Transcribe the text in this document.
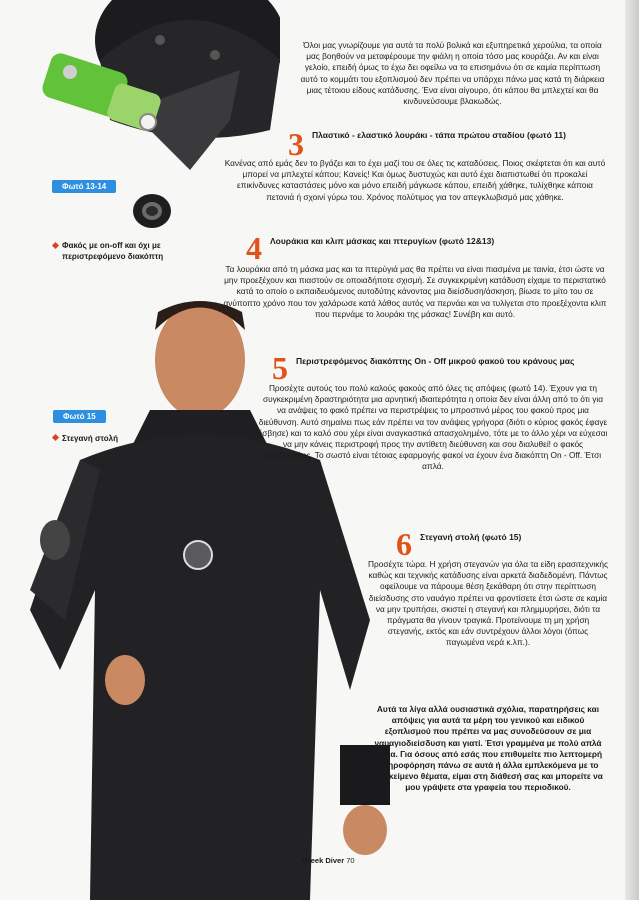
Φωτό 13-14
Φακός με on-off και όχι με περιστρεφόμενο διακόπτη
Φωτό 15
Στεγανή στολή

Όλοι μας γνωρίζουμε για αυτά τα πολύ βολικά και εξυπηρετικά χερούλια, τα οποία μας βοηθούν να μεταφέρουμε την φιάλη η οποία τόσο μας κουράζει. Αν και είναι γελοίο, επειδή όμως το έχω δει οφείλω να το επισημάνω ότι σε καμία περίπτωση αυτό το κομμάτι του εξοπλισμού δεν πρέπει να υπάρχει πάνω μας κατά τη διάρκεια μιας τέτοιου είδους κατάδυσης. Ένα είναι αίγουρο, ότι κάπου θα μπλεχτεί και θα κινδυνεύσουμε βλακωδώς.

3 Πλαστικό - ελαστικό λουράκι - τάπα πρώτου σταδίου (φωτό 11)

Κανένας από εμάς δεν το βγάζει και το έχει μαζί του σε όλες τις καταδύσεις. Ποιος σκέφτεται ότι και αυτό μπορεί να μπλεχτεί κάπου; Κανείς! Και όμως δυστυχώς και αυτό έχει διαπιστωθεί ότι προκαλεί επικίνδυνες καταστάσεις μόνο και μόνο επειδή μάγκωσε κάπου, επειδή χάθηκε, τυλίχθηκε κάποια πετονιά ή σχοινί γύρω του. Χρόνος πολύτιμος για τον απεγκλωβισμό μας χάθηκε.

4 Λουράκια και κλιπ μάσκας και πτερυγίων (φωτό 12&13)

Τα λουράκια από τη μάσκα μας και τα πτερύγιά μας θα πρέπει να είναι πιασμένα με ταινία, έτσι ώστε να μην προεξέχουν και πιαστούν σε οποιαδήποτε σχισμή. Σε συγκεκριμένη κατάδυση είχαμε το περιστατικό κατά το οποίο ο εκπαιδευόμενος αυτοδύτης κάνοντας μια διείσδυση/άσκηση, βίωσε το μίτο του σε ανύποπτο χρόνο που τον χαλάρωσε κατά λάθος αυτός να περνάει και να τυλίγεται στο προεξέχοντα κλιπ που περνάμε το λουράκι της μάσκας! Συνέβη και αυτό.

5 Περιστρεφόμενος διακόπτης On - Off μικρού φακού του κράνους μας

Προσέχτε αυτούς του πολύ καλούς φακούς από όλες τις απόψεις (φωτό 14). Έχουν για τη συγκεκριμένη δραστηριότητα μια αρνητική ιδιαιτερότητα η οποία δεν είναι άλλη από το ότι για να ανάψεις το φακό πρέπει να περιστρέψεις το μπροστινό μέρος του φακού προς μια διεύθυνση. Αυτό σημαίνει πως εάν πρέπει να τον ανάψεις γρήγορα (διότι ο κύριος φακός έφαγε έσβησε) και το καλό σου χέρι είναι αναγκαστικά απασχολημένο, τότε με το άλλο χέρι να εύχεσαι να μην κάνεις περιστροφή προς την αντίθετη διεύθυνση και σου διαλυθεί! ο φακός υποβρυχίως. Το σωστό είναι τέτοιας εφαρμογής φακοί να έχουν ένα διακόπτη On - Off. Έτσι απλά.

6 Στεγανή στολή (φωτό 15)

Προσέχτε τώρα. Η χρήση στεγανών για όλα τα είδη ερασιτεχνικής καθώς και τεχνικής κατάδυσης είναι αρκετά διαδεδομένη. Πάντως οφείλουμε να πάρουμε θέση ξεκάθαρη ότι στην περίπτωση διείσδυσης στο ναυάγιο πρέπει να φροντίσετε έτσι ώστε σε καμία να μην τρυπήσει, σκιστεί η στεγανή και πλημμυρήσει, διότι τα πράγματα θα γίνουν τραγικά. Προτείνουμε τη μη χρήση στεγανής, εκτός και εάν συντρέχουν άλλοι λόγοι (όπως παγωμένα νερά κ.λπ.).

Αυτά τα λίγα αλλά ουσιαστικά σχόλια, παρατηρήσεις και απόψεις για αυτά τα μέρη του γενικού και ειδικού εξοπλισμού που πρέπει να μας συνοδεύσουν σε μια ναυαγιοδιείσδυση και γιατί. Έτσι γραμμένα με πολύ απλά λόγια. Για όσους από εσάς που επιθυμείτε πιο λεπτομερή πληροφόρηση πάνω σε αυτά ή άλλα εμπλεκόμενα με το αντικείμενο θέματα, είμαι στη διάθεσή σας και μπορείτε να μου γράψετε στα γραφεία του περιοδικού.

Greek Diver 70
